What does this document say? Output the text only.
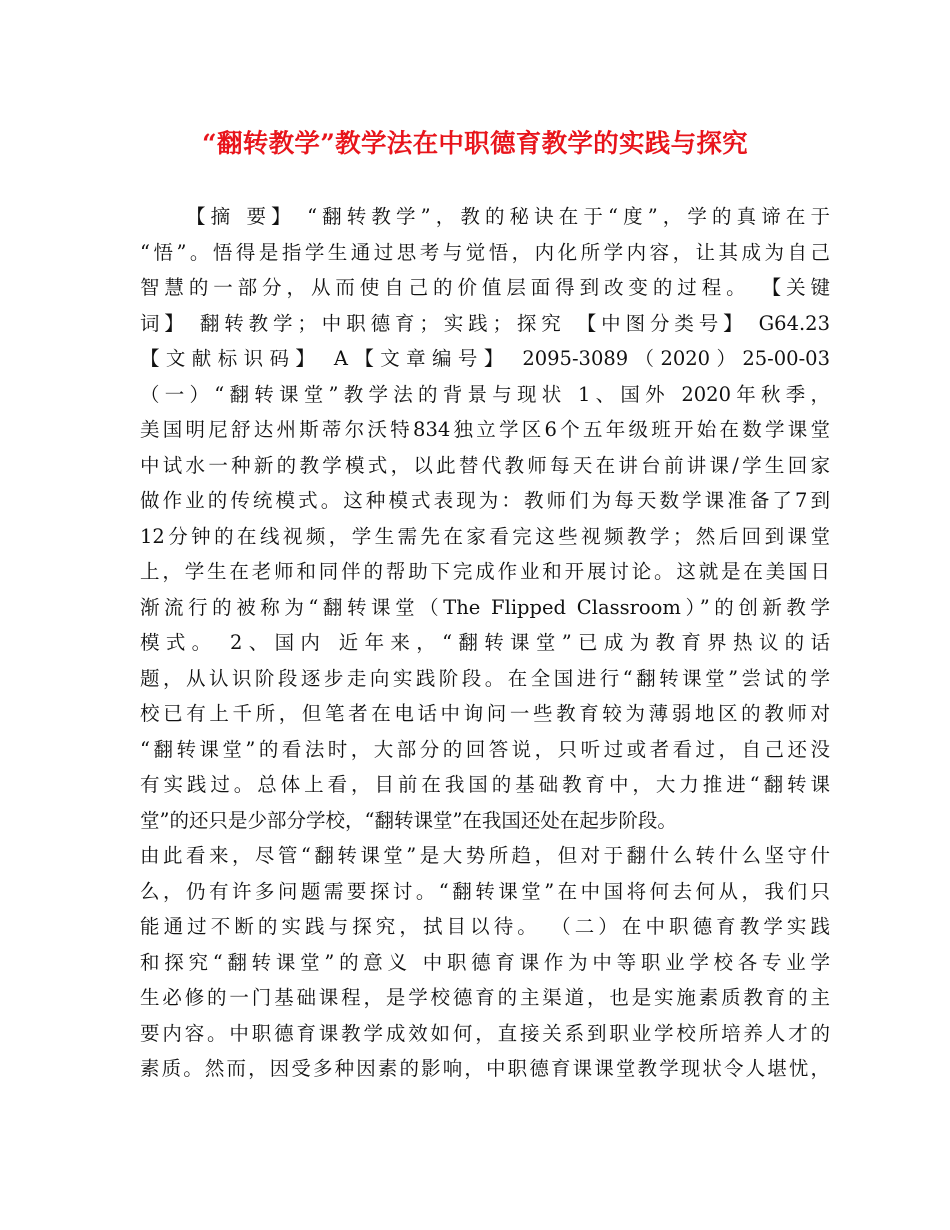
“翻转教学”教学法在中职德育教学的实践与探究
【摘 要】 “翻转教学”，教的秘诀在于“度”，学的真谛在于
“悟”。悟得是指学生通过思考与觉悟，内化所学内容，让其成为自己
智慧的一部分，从而使自己的价值层面得到改变的过程。 【关键
词】 翻转教学；中职德育；实践；探究 【中图分类号】 G64.23
【文献标识码】 A【文章编号】 2095-3089（2020）25-00-03
（一）“翻转课堂”教学法的背景与现状 1、国外 2020年秋季，
美国明尼舒达州斯蒂尔沃特834独立学区6个五年级班开始在数学课堂
中试水一种新的教学模式，以此替代教师每天在讲台前讲课/学生回家
做作业的传统模式。这种模式表现为：教师们为每天数学课准备了7到
12分钟的在线视频，学生需先在家看完这些视频教学；然后回到课堂
上，学生在老师和同伴的帮助下完成作业和开展讨论。这就是在美国日
渐流行的被称为“翻转课堂（The Flipped Classroom）”的创新教学
模式。 2、国内 近年来，“翻转课堂”已成为教育界热议的话
题，从认识阶段逐步走向实践阶段。在全国进行“翻转课堂”尝试的学
校已有上千所，但笔者在电话中询问一些教育较为薄弱地区的教师对
“翻转课堂”的看法时，大部分的回答说，只听过或者看过，自己还没
有实践过。总体上看，目前在我国的基础教育中，大力推进“翻转课
堂”的还只是少部分学校，“翻转课堂”在我国还处在起步阶段。
由此看来，尽管“翻转课堂”是大势所趋，但对于翻什么转什么坚守什
么，仍有许多问题需要探讨。“翻转课堂”在中国将何去何从，我们只
能通过不断的实践与探究，拭目以待。 （二）在中职德育教学实践
和探究“翻转课堂”的意义 中职德育课作为中等职业学校各专业学
生必修的一门基础课程，是学校德育的主渠道，也是实施素质教育的主
要内容。中职德育课教学成效如何，直接关系到职业学校所培养人才的
素质。然而，因受多种因素的影响，中职德育课课堂教学现状令人堪忧，
